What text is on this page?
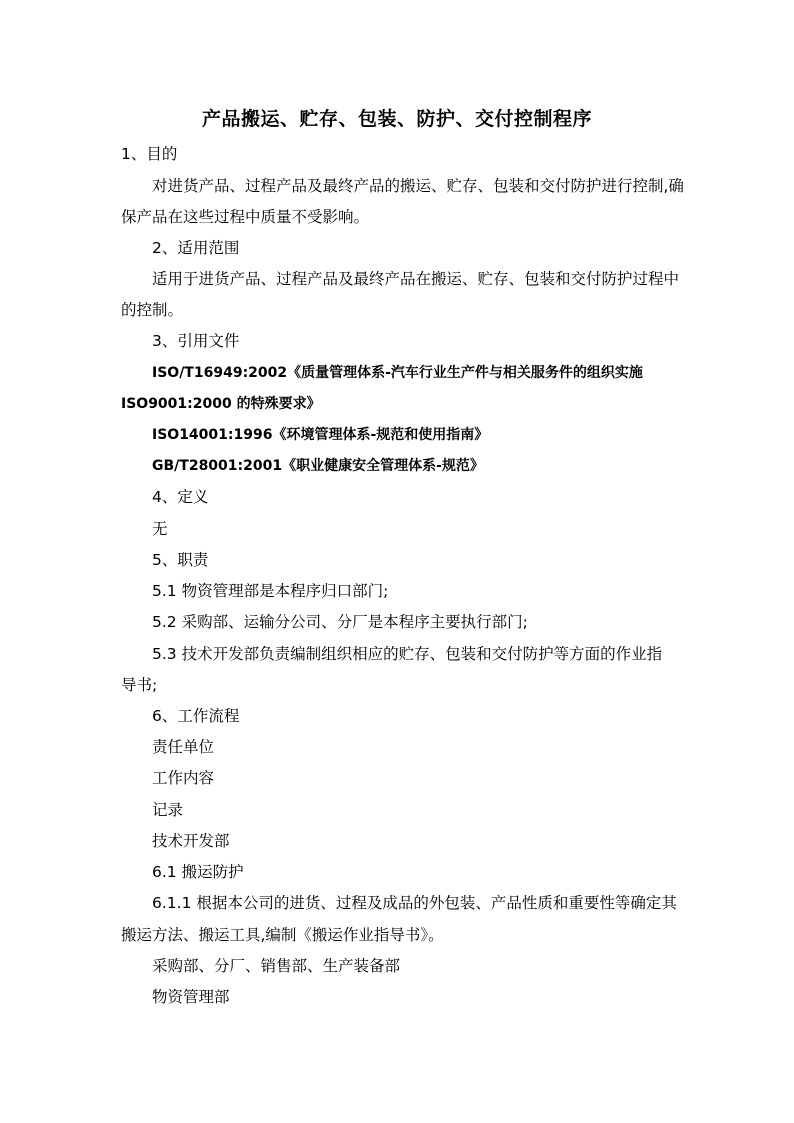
产品搬运、贮存、包装、防护、交付控制程序
1、目的
对进货产品、过程产品及最终产品的搬运、贮存、包装和交付防护进行控制,确
保产品在这些过程中质量不受影响。
2、适用范围
适用于进货产品、过程产品及最终产品在搬运、贮存、包装和交付防护过程中
的控制。
3、引用文件
ISO/T16949:2002《质量管理体系-汽车行业生产件与相关服务件的组织实施
ISO9001:2000 的特殊要求》
ISO14001:1996《环境管理体系-规范和使用指南》
GB/T28001:2001《职业健康安全管理体系-规范》
4、定义
无
5、职责
5.1 物资管理部是本程序归口部门;
5.2 采购部、运输分公司、分厂是本程序主要执行部门;
5.3 技术开发部负责编制组织相应的贮存、包装和交付防护等方面的作业指
导书;
6、工作流程
责任单位
工作内容
记录
技术开发部
6.1 搬运防护
6.1.1 根据本公司的进货、过程及成品的外包装、产品性质和重要性等确定其
搬运方法、搬运工具,编制《搬运作业指导书》。
采购部、分厂、销售部、生产装备部
物资管理部
